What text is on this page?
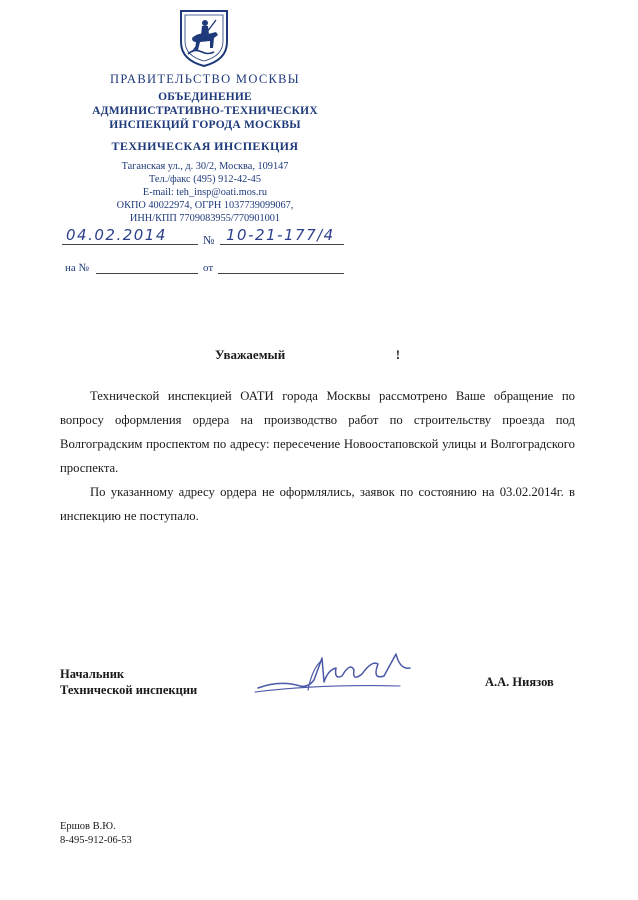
ПРАВИТЕЛЬСТВО МОСКВЫ
ОБЪЕДИНЕНИЕ
АДМИНИСТРАТИВНО-ТЕХНИЧЕСКИХ
ИНСПЕКЦИЙ ГОРОДА МОСКВЫ
ТЕХНИЧЕСКАЯ ИНСПЕКЦИЯ
Таганская ул., д. 30/2, Москва, 109147
Тел./факс (495) 912-42-45
E-mail: teh_insp@oati.mos.ru
ОКПО 40022974, ОГРН 1037739099067,
ИНН/КПП 7709083955/770901001
04.02.2014	№ 10-21-177/4
на №	от
Уважаемый	!

Технической инспекцией ОАТИ города Москвы рассмотрено Ваше обращение по вопросу оформления ордера на производство работ по строительству проезда под Волгоградским проспектом по адресу: пересечение Новоостаповской улицы и Волгоградского проспекта.

По указанному адресу ордера не оформлялись, заявок по состоянию на 03.02.2014г. в инспекцию не поступало.

Начальник
Технической инспекции
А.А. Ниязов
Ершов В.Ю.
8-495-912-06-53
